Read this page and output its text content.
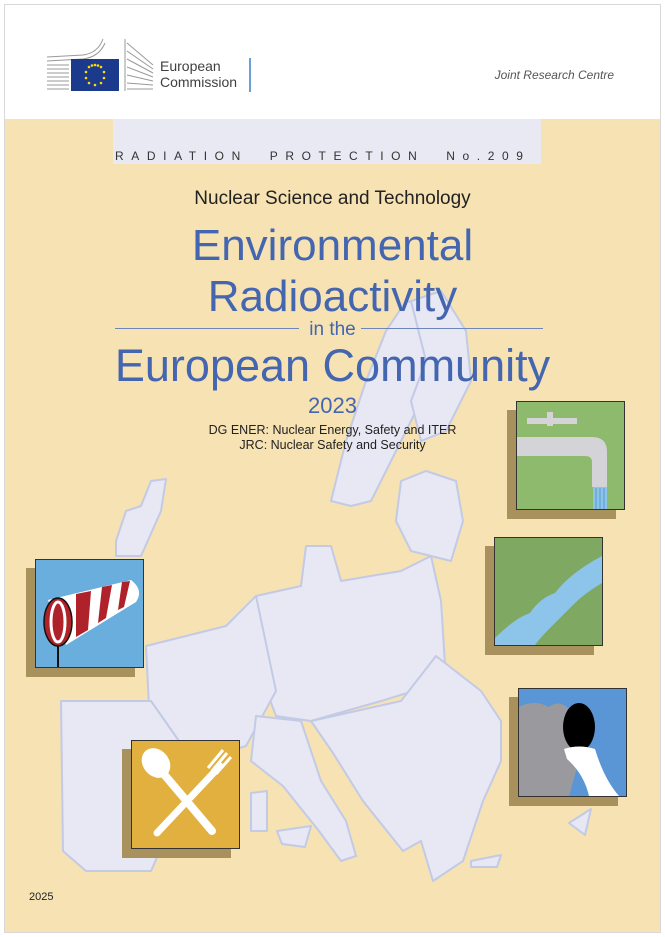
European
Commission	Joint Research Centre
RADIATION  PROTECTION  No.209
Nuclear Science and Technology
Environmental
Radioactivity
in the
European Community
2023
DG ENER: Nuclear Energy, Safety and ITER
JRC: Nuclear Safety and Security
2025
